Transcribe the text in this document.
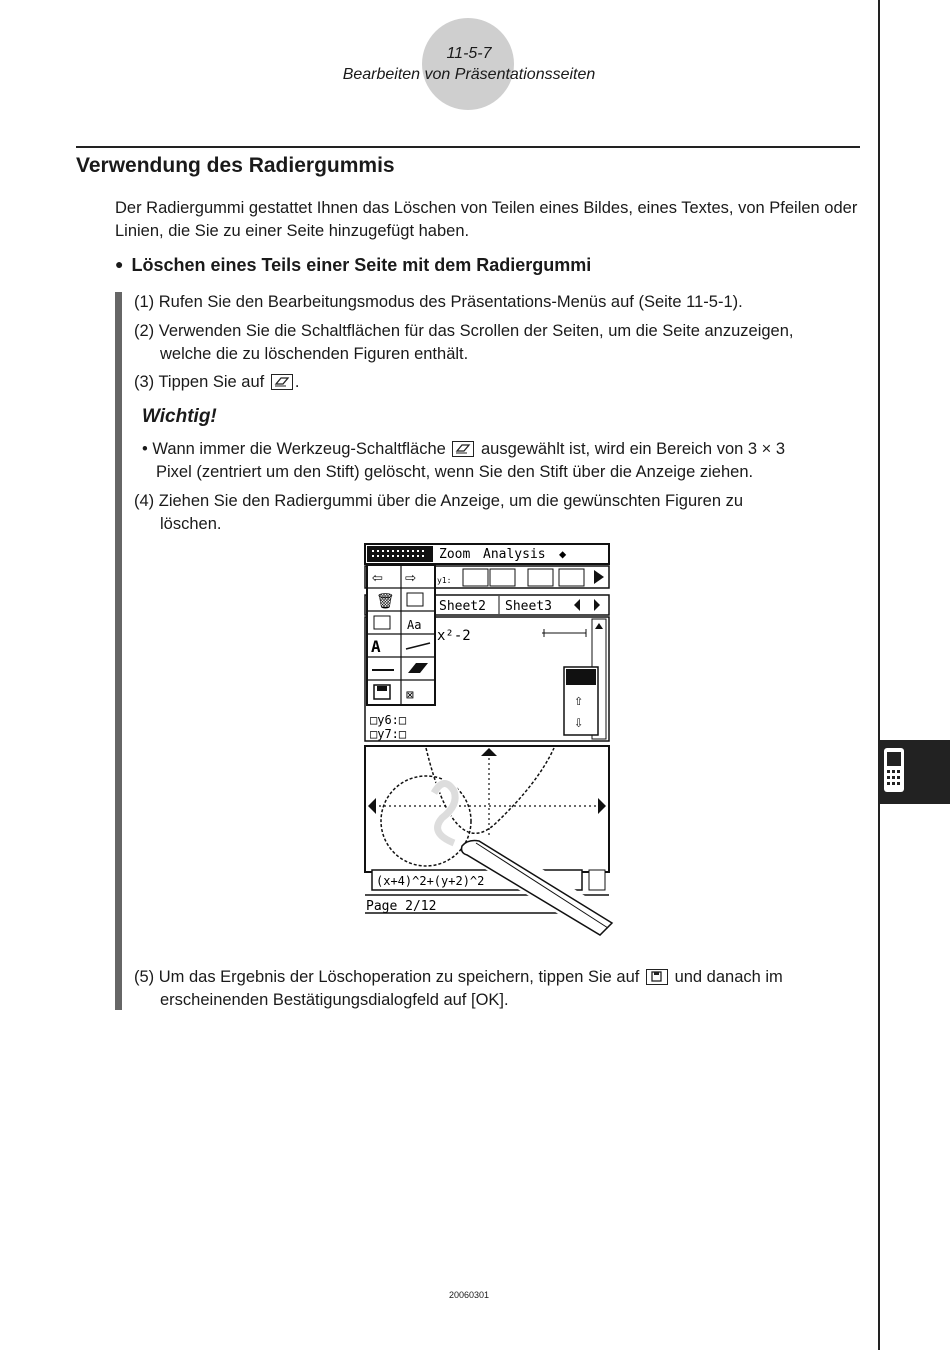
11-5-7
Bearbeiten von Präsentationsseiten
Verwendung des Radiergummis
Der Radiergummi gestattet Ihnen das Löschen von Teilen eines Bildes, eines Textes, von Pfeilen oder Linien, die Sie zu einer Seite hinzugefügt haben.
● Löschen eines Teils einer Seite mit dem Radiergummi
(1) Rufen Sie den Bearbeitungsmodus des Präsentations-Menüs auf (Seite 11-5-1).
(2) Verwenden Sie die Schaltflächen für das Scrollen der Seiten, um die Seite anzuzeigen,
welche die zu löschenden Figuren enthält.
(3) Tippen Sie auf .
Wichtig!
• Wann immer die Werkzeug-Schaltfläche ausgewählt ist, wird ein Bereich von 3 × 3
Pixel (zentriert um den Stift) gelöscht, wenn Sie den Stift über die Anzeige ziehen.
(4) Ziehen Sie den Radiergummi über die Anzeige, um die gewünschten Figuren zu
löschen.
Zoom Analysis ◆
y1:
Sheet2 Sheet3
x²-2
□y6:□
□y7:□
⇦ ⇨
🗑
Aa
A
⊠	⇧
⇩
(x+4)^2+(y+2)^2
Page 2/12
(5) Um das Ergebnis der Löschoperation zu speichern, tippen Sie auf und danach im
erscheinenden Bestätigungsdialogfeld auf [OK].
20060301
